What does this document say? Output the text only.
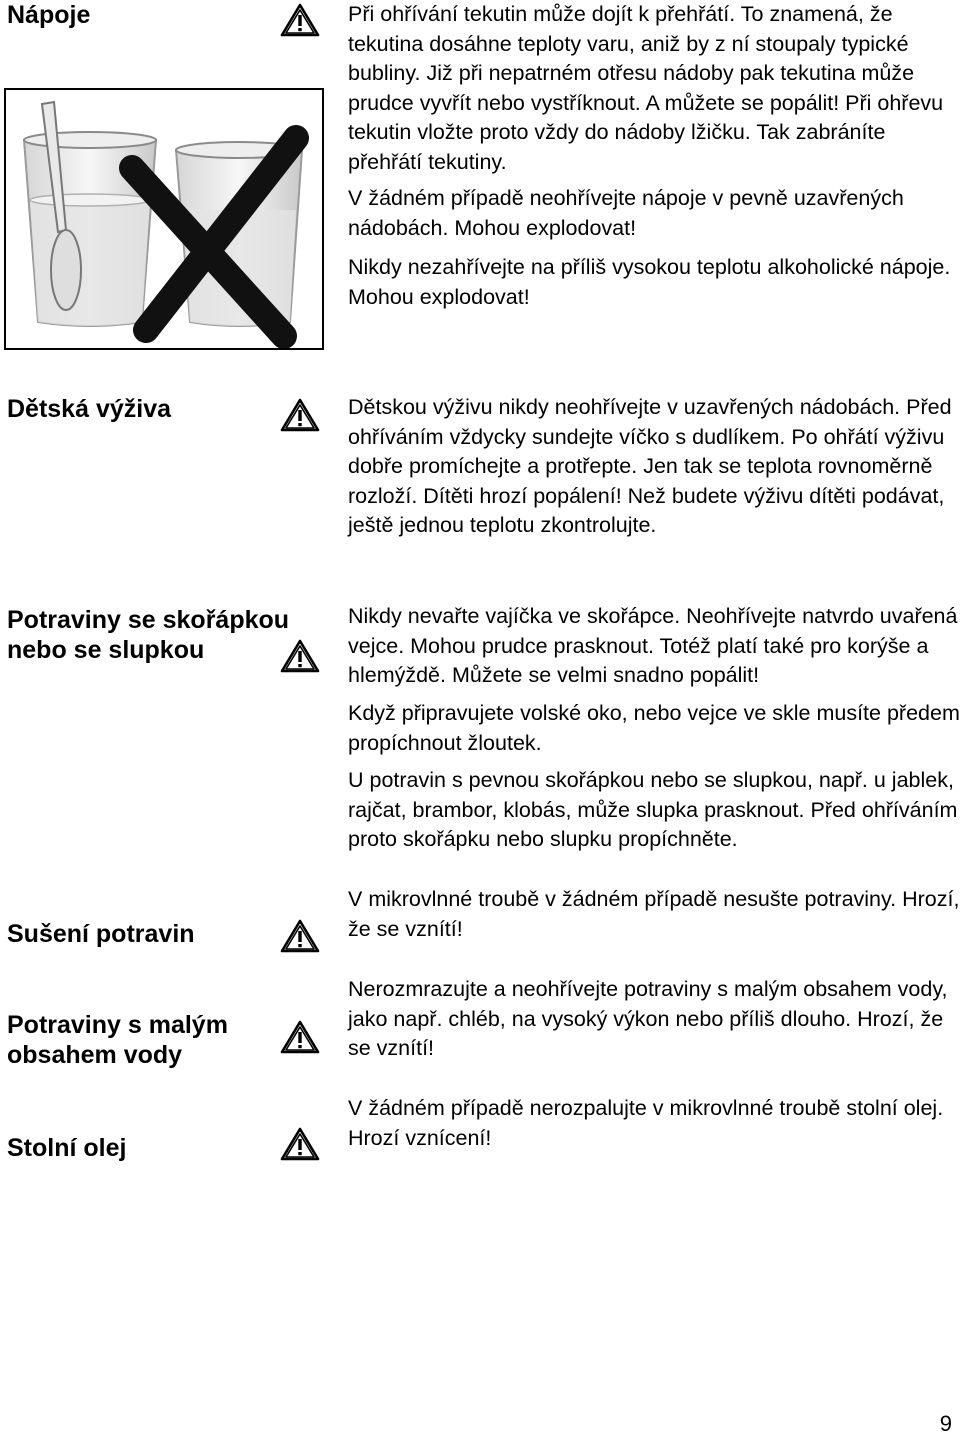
Nápoje	Při ohřívání tekutin může dojít k přehřátí. To znamená, že tekutina dosáhne teploty varu, aniž by z ní stoupaly typické bubliny. Již při nepatrném otřesu nádoby pak tekutina může prudce vyvřít nebo vystříknout. A můžete se popálit! Při ohřevu tekutin vložte proto vždy do nádoby lžičku. Tak zabráníte přehřátí tekutiny.

V žádném případě neohřívejte nápoje v pevně uzavřených nádobách. Mohou explodovat!

Nikdy nezahřívejte na příliš vysokou teplotu alkoholické nápoje. Mohou explodovat!

Dětská výživa	Dětskou výživu nikdy neohřívejte v uzavřených nádobách. Před ohříváním vždycky sundejte víčko s dudlíkem. Po ohřátí výživu dobře promíchejte a protřepte. Jen tak se teplota rovnoměrně rozloží. Dítěti hrozí popálení! Než budete výživu dítěti podávat, ještě jednou teplotu zkontrolujte.

Potraviny se skořápkou
nebo se slupkou

Nikdy nevařte vajíčka ve skořápce. Neohřívejte natvrdo uvařená vejce. Mohou prudce prasknout. Totéž platí také pro korýše a hlemýždě. Můžete se velmi snadno popálit!

Když připravujete volské oko, nebo vejce ve skle musíte předem propíchnout žloutek.

U potravin s pevnou skořápkou nebo se slupkou, např. u jablek, rajčat, brambor, klobás, může slupka prasknout. Před ohříváním proto skořápku nebo slupku propíchněte.

Sušení potravin

V mikrovlnné troubě v žádném případě nesušte potraviny. Hrozí, že se vznítí!

Potraviny s malým
obsahem vody

Nerozmrazujte a neohřívejte potraviny s malým obsahem vody, jako např. chléb, na vysoký výkon nebo příliš dlouho. Hrozí, že se vznítí!

Stolní olej

V žádném případě nerozpalujte v mikrovlnné troubě stolní olej. Hrozí vznícení!

9
